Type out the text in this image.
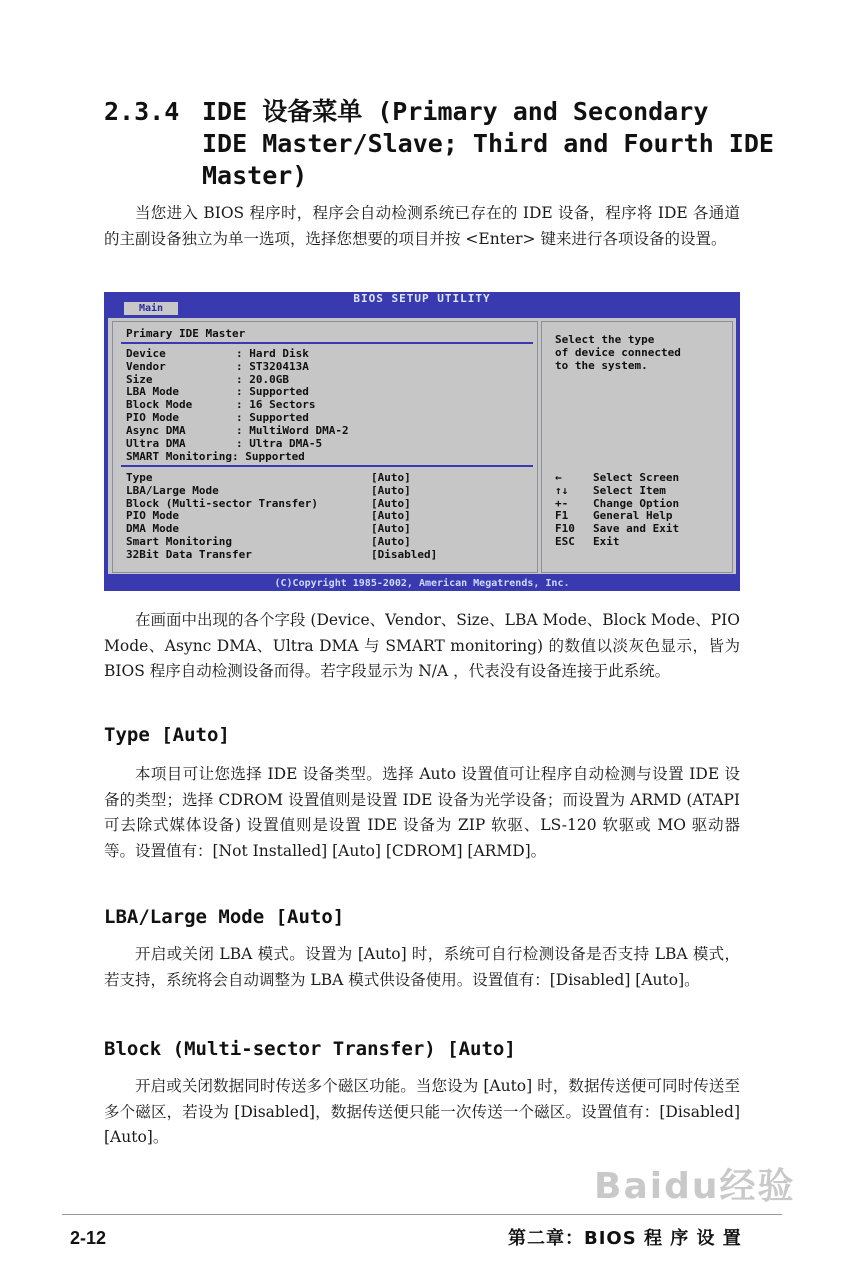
2.3.4 IDE 设备菜单 (Primary and Secondary
IDE Master/Slave; Third and Fourth IDE
Master)

当您进入 BIOS 程序时，程序会自动检测系统已存在的 IDE 设备，程序将 IDE 各通道的主副设备独立为单一选项，选择您想要的项目并按 <Enter> 键来进行各项设备的设置。

BIOS SETUP UTILITY
Main
Primary IDE Master
Device	: Hard Disk
Vendor	: ST320413A
Size	: 20.0GB
LBA Mode	: Supported
Block Mode	: 16 Sectors
PIO Mode	: Supported
Async DMA	: MultiWord DMA-2
Ultra DMA	: Ultra DMA-5
SMART Monitoring: Supported
Type	[Auto]
LBA/Large Mode	[Auto]
Block (Multi-sector Transfer)	[Auto]
PIO Mode	[Auto]
DMA Mode	[Auto]
Smart Monitoring	[Auto]
32Bit Data Transfer	[Disabled]
Select the type
of device connected
to the system.
←	Select Screen
↑↓ Select Item
+- Change Option
F1 General Help
F10 Save and Exit
ESC Exit
(C)Copyright 1985-2002, American Megatrends, Inc.

在画面中出现的各个字段 (Device、Vendor、Size、LBA Mode、Block Mode、PIO Mode、Async DMA、Ultra DMA 与 SMART monitoring) 的数值以淡灰色显示，皆为 BIOS 程序自动检测设备而得。若字段显示为 N/A ，代表没有设备连接于此系统。

Type [Auto]

本项目可让您选择 IDE 设备类型。选择 Auto 设置值可让程序自动检测与设置 IDE 设备的类型；选择 CDROM 设置值则是设置 IDE 设备为光学设备；而设置为 ARMD (ATAPI 可去除式媒体设备) 设置值则是设置 IDE 设备为 ZIP 软驱、LS-120 软驱或 MO 驱动器等。设置值有：[Not Installed] [Auto] [CDROM] [ARMD]。

LBA/Large Mode [Auto]

开启或关闭 LBA 模式。设置为 [Auto] 时，系统可自行检测设备是否支持 LBA 模式，若支持，系统将会自动调整为 LBA 模式供设备使用。设置值有：[Disabled] [Auto]。

Block (Multi-sector Transfer) [Auto]

开启或关闭数据同时传送多个磁区功能。当您设为 [Auto] 时，数据传送便可同时传送至多个磁区，若设为 [Disabled]，数据传送便只能一次传送一个磁区。设置值有：[Disabled] [Auto]。

Baidu经验
2-12	第二章：BIOS 程 序 设 置
